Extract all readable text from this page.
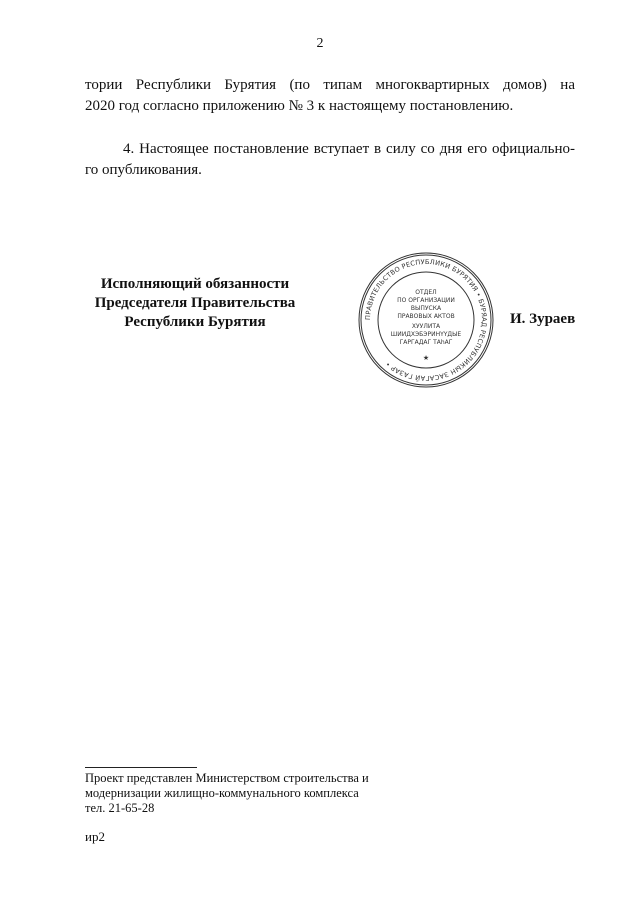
2
тории Республики Бурятия (по типам многоквартирных домов) на
2020 год согласно приложению № 3 к настоящему постановлению.
4. Настоящее постановление вступает в силу со дня его официально-
го опубликования.
Исполняющий обязанности
Председателя Правительства
Республики Бурятия	ПРАВИТЕЛЬСТВО РЕСПУБЛИКИ БУРЯТИЯ • БУРЯАД РЕСПУБЛИКЫН ЗАСАГАЙ ГАЗАР •
ОТДЕЛ
ПО ОРГАНИЗАЦИИ
ВЫПУСКА
ПРАВОВЫХ АКТОВ
ХУУЛИТА
ШИИДХЭБЭРИНҮҮДЫЕ
ГАРГАДАГ ТАһАГ
★
И. Зураев
Проект представлен Министерством строительства и
модернизации жилищно-коммунального комплекса
тел. 21-65-28
ир2
